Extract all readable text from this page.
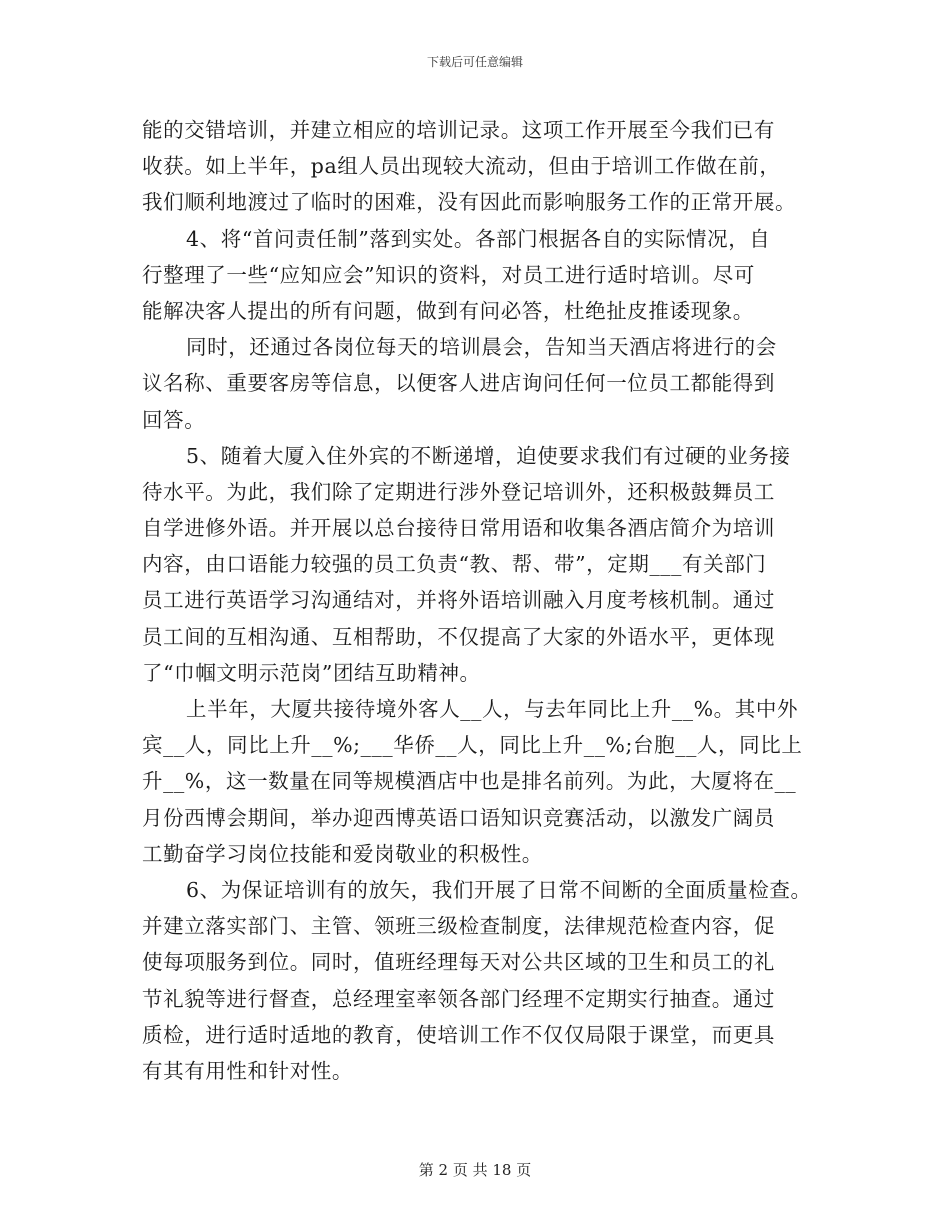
下载后可任意编辑
能的交错培训，并建立相应的培训记录。这项工作开展至今我们已有
收获。如上半年，pa组人员出现较大流动，但由于培训工作做在前，
我们顺利地渡过了临时的困难，没有因此而影响服务工作的正常开展。
4、将“首问责任制”落到实处。各部门根据各自的实际情况，自
行整理了一些“应知应会”知识的资料，对员工进行适时培训。尽可
能解决客人提出的所有问题，做到有问必答，杜绝扯皮推诿现象。
同时，还通过各岗位每天的培训晨会，告知当天酒店将进行的会
议名称、重要客房等信息，以便客人进店询问任何一位员工都能得到
回答。
5、随着大厦入住外宾的不断递增，迫使要求我们有过硬的业务接
待水平。为此，我们除了定期进行涉外登记培训外，还积极鼓舞员工
自学进修外语。并开展以总台接待日常用语和收集各酒店简介为培训
内容，由口语能力较强的员工负责“教、帮、带”，定期___有关部门
员工进行英语学习沟通结对，并将外语培训融入月度考核机制。通过
员工间的互相沟通、互相帮助，不仅提高了大家的外语水平，更体现
了“巾帼文明示范岗”团结互助精神。
上半年，大厦共接待境外客人__人，与去年同比上升__%。其中外
宾__人，同比上升__%;___华侨__人，同比上升__%;台胞__人，同比上
升__%，这一数量在同等规模酒店中也是排名前列。为此，大厦将在__
月份西博会期间，举办迎西博英语口语知识竞赛活动，以激发广阔员
工勤奋学习岗位技能和爱岗敬业的积极性。
6、为保证培训有的放矢，我们开展了日常不间断的全面质量检查。
并建立落实部门、主管、领班三级检查制度，法律规范检查内容，促
使每项服务到位。同时，值班经理每天对公共区域的卫生和员工的礼
节礼貌等进行督查，总经理室率领各部门经理不定期实行抽查。通过
质检，进行适时适地的教育，使培训工作不仅仅局限于课堂，而更具
有其有用性和针对性。
第 2 页 共 18 页
